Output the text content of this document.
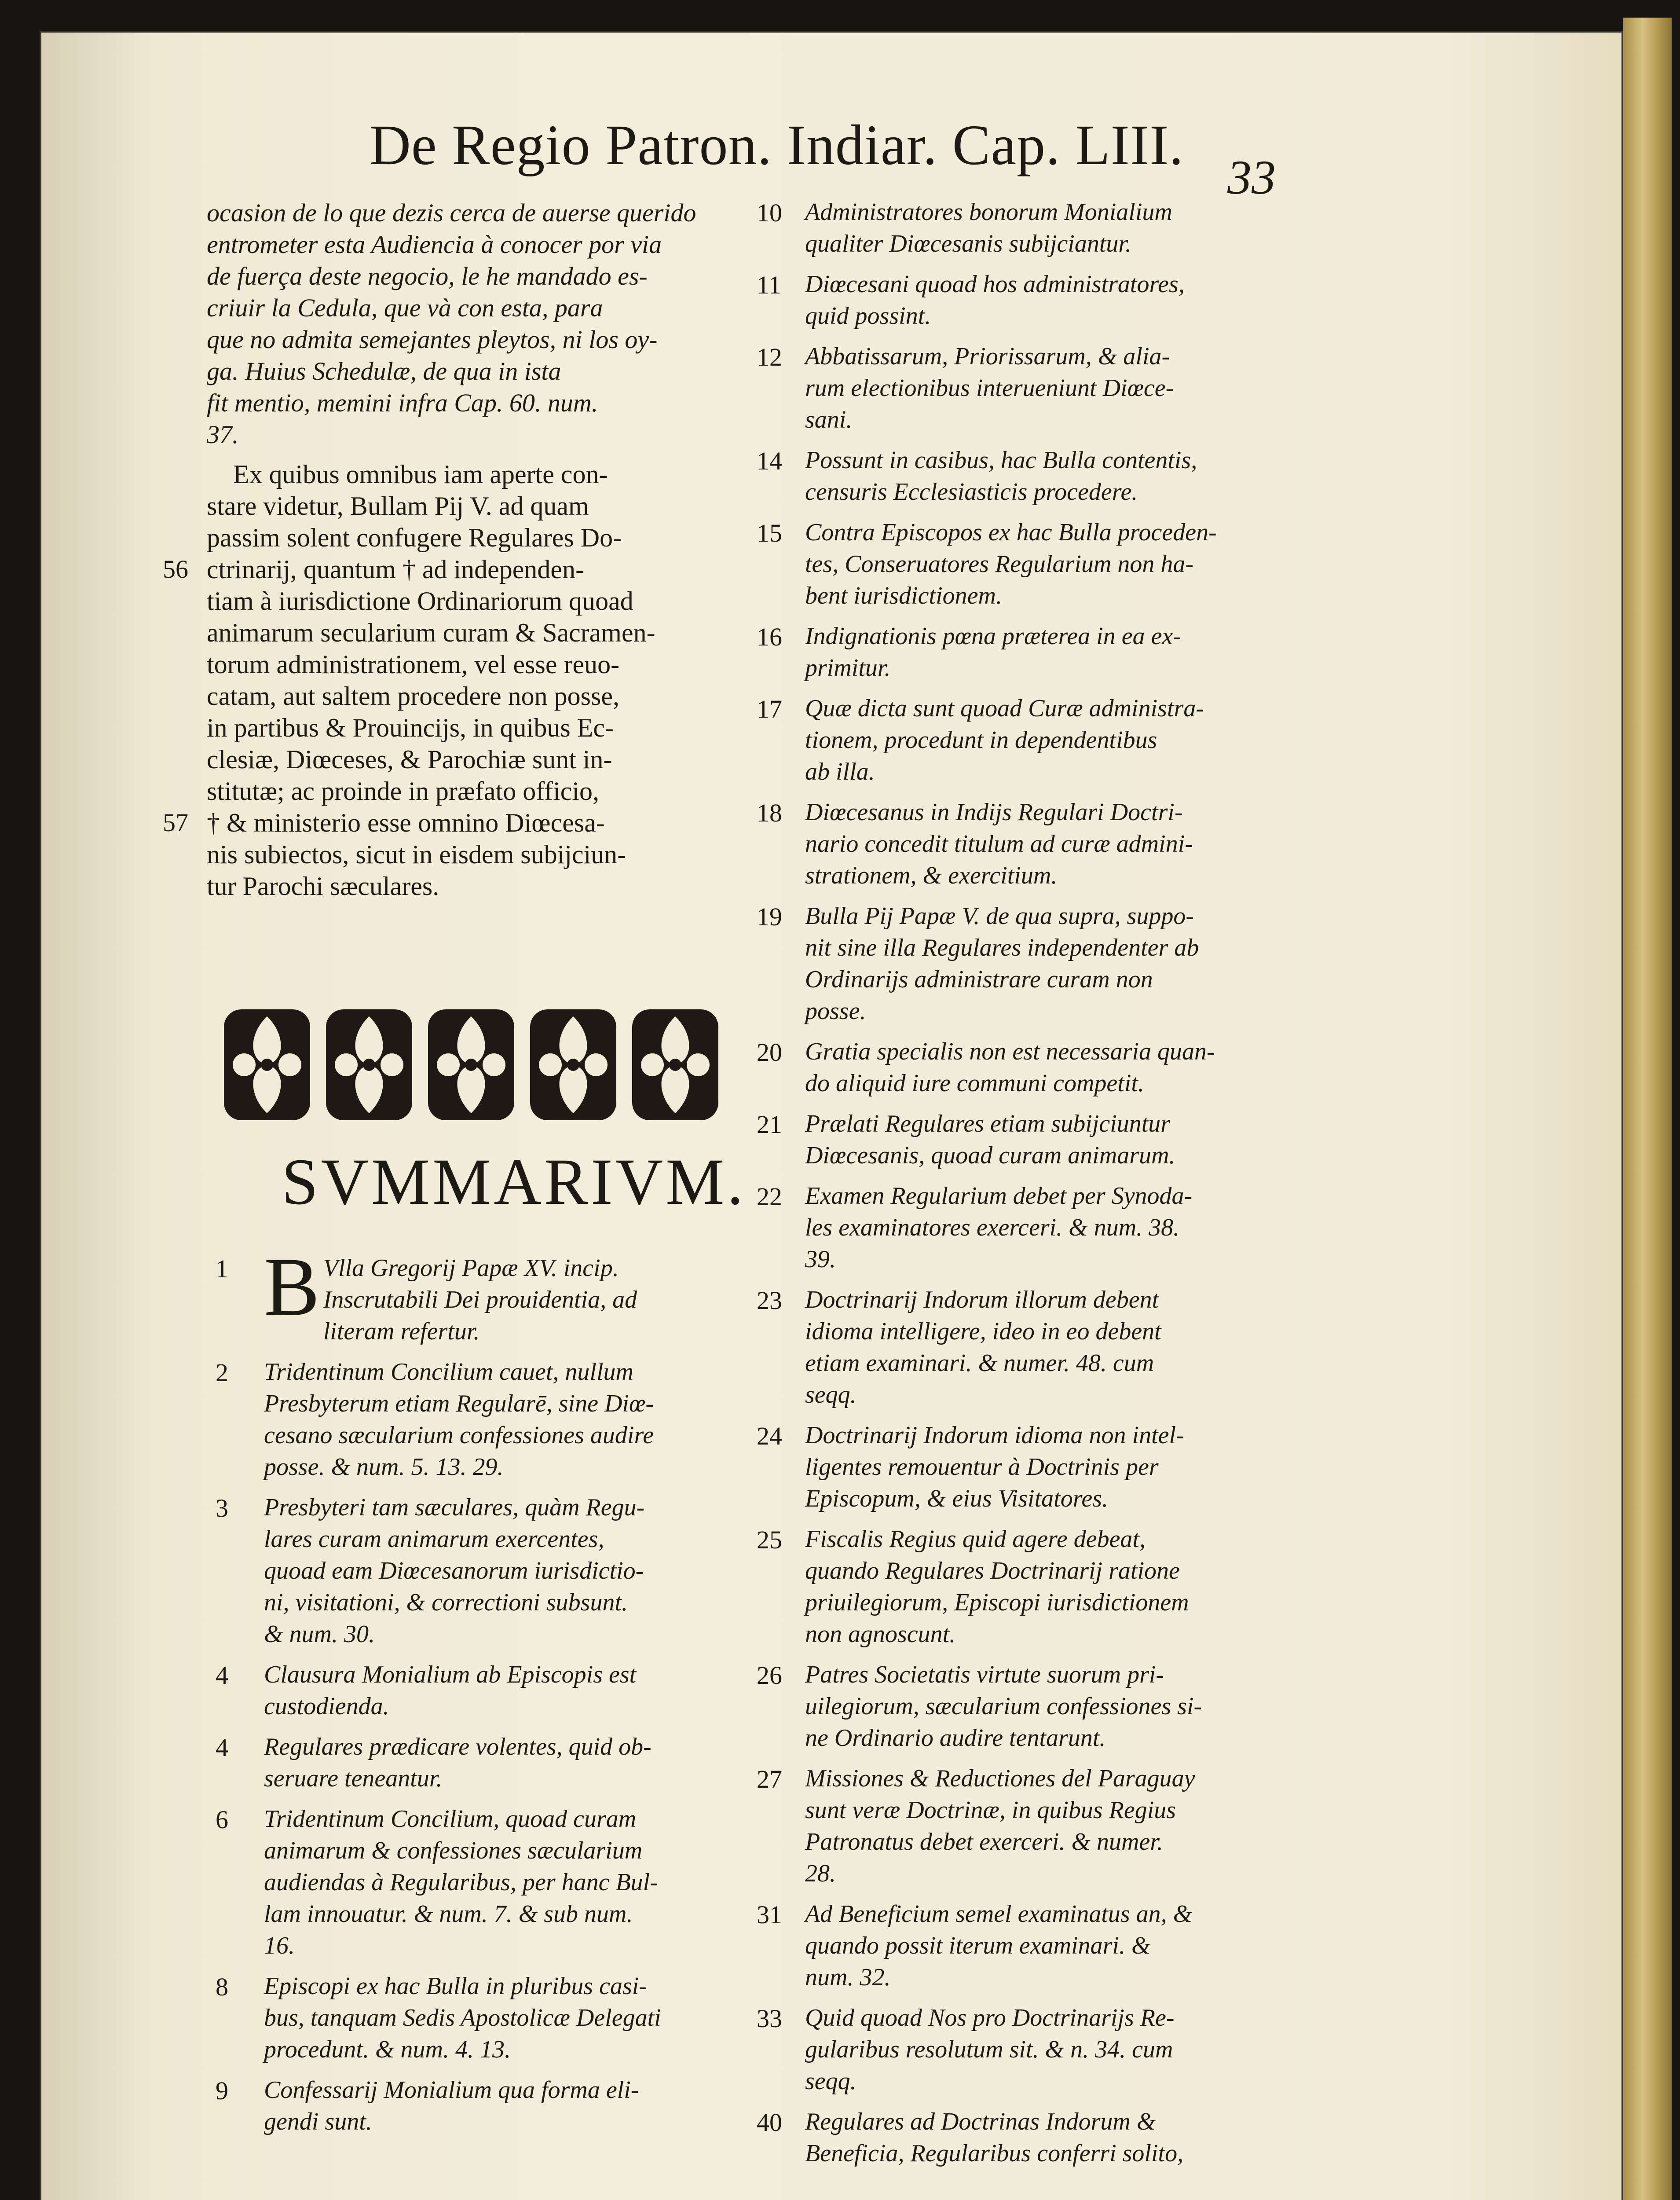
De Regio Patron. Indiar. Cap. LIII.
33
ocasion de lo que dezis cerca de auerse querido
entrometer esta Audiencia à conocer por via
de fuerça deste negocio, le he mandado es-
criuir la Cedula, que và con esta, para
que no admita semejantes pleytos, ni los oy-
ga. Huius Schedulæ, de qua in ista
fit mentio, memini infra Cap. 60. num.
37.
Ex quibus omnibus iam aperte con-
stare videtur, Bullam Pij V. ad quam
passim solent confugere Regulares Do-
56 ctrinarij, quantum † ad independen-
tiam à iurisdictione Ordinariorum quoad
animarum secularium curam & Sacramen-
torum administrationem, vel esse reuo-
catam, aut saltem procedere non posse,
in partibus & Prouincijs, in quibus Ec-
clesiæ, Diœceses, & Parochiæ sunt in-
stitutæ; ac proinde in præfato officio,
57 † & ministerio esse omnino Diœcesa-
nis subiectos, sicut in eisdem subijciun-
tur Parochi sæculares.
SVMMARIVM.
1 B Vlla Gregorij Papæ XV. incip.
Inscrutabili Dei prouidentia, ad
literam refertur.
2	Tridentinum Concilium cauet, nullum
Presbyterum etiam Regularē, sine Diœ-
cesano sæcularium confessiones audire
posse. & num. 5. 13. 29.
3	Presbyteri tam sæculares, quàm Regu-
lares curam animarum exercentes,
quoad eam Diœcesanorum iurisdictio-
ni, visitationi, & correctioni subsunt.
& num. 30.
4	Clausura Monialium ab Episcopis est
custodienda.
4	Regulares prædicare volentes, quid ob-
seruare teneantur.
6	Tridentinum Concilium, quoad curam
animarum & confessiones sæcularium
audiendas à Regularibus, per hanc Bul-
lam innouatur. & num. 7. & sub num.
16.
8	Episcopi ex hac Bulla in pluribus casi-
bus, tanquam Sedis Apostolicæ Delegati
procedunt. & num. 4. 13.
9	Confessarij Monialium qua forma eli-
gendi sunt.
10 Administratores bonorum Monialium
qualiter Diœcesanis subijciantur.
11 Diœcesani quoad hos administratores,
quid possint.
12 Abbatissarum, Priorissarum, & alia-
rum electionibus interueniunt Diœce-
sani.
14 Possunt in casibus, hac Bulla contentis,
censuris Ecclesiasticis procedere.
15 Contra Episcopos ex hac Bulla proceden-
tes, Conseruatores Regularium non ha-
bent iurisdictionem.
16 Indignationis pœna præterea in ea ex-
primitur.
17 Quæ dicta sunt quoad Curæ administra-
tionem, procedunt in dependentibus
ab illa.
18 Diœcesanus in Indijs Regulari Doctri-
nario concedit titulum ad curæ admini-
strationem, & exercitium.
19 Bulla Pij Papæ V. de qua supra, suppo-
nit sine illa Regulares independenter ab
Ordinarijs administrare curam non
posse.
20 Gratia specialis non est necessaria quan-
do aliquid iure communi competit.
21 Prælati Regulares etiam subijciuntur
Diœcesanis, quoad curam animarum.
22 Examen Regularium debet per Synoda-
les examinatores exerceri. & num. 38.
39.
23 Doctrinarij Indorum illorum debent
idioma intelligere, ideo in eo debent
etiam examinari. & numer. 48. cum
seqq.
24 Doctrinarij Indorum idioma non intel-
ligentes remouentur à Doctrinis per
Episcopum, & eius Visitatores.
25 Fiscalis Regius quid agere debeat,
quando Regulares Doctrinarij ratione
priuilegiorum, Episcopi iurisdictionem
non agnoscunt.
26 Patres Societatis virtute suorum pri-
uilegiorum, sæcularium confessiones si-
ne Ordinario audire tentarunt.
27 Missiones & Reductiones del Paraguay
sunt veræ Doctrinæ, in quibus Regius
Patronatus debet exerceri. & numer.
28.
31 Ad Beneficium semel examinatus an, &
quando possit iterum examinari. &
num. 32.
33 Quid quoad Nos pro Doctrinarijs Re-
gularibus resolutum sit. & n. 34. cum
seqq.
40 Regulares ad Doctrinas Indorum &
Beneficia, Regularibus conferri solito,
